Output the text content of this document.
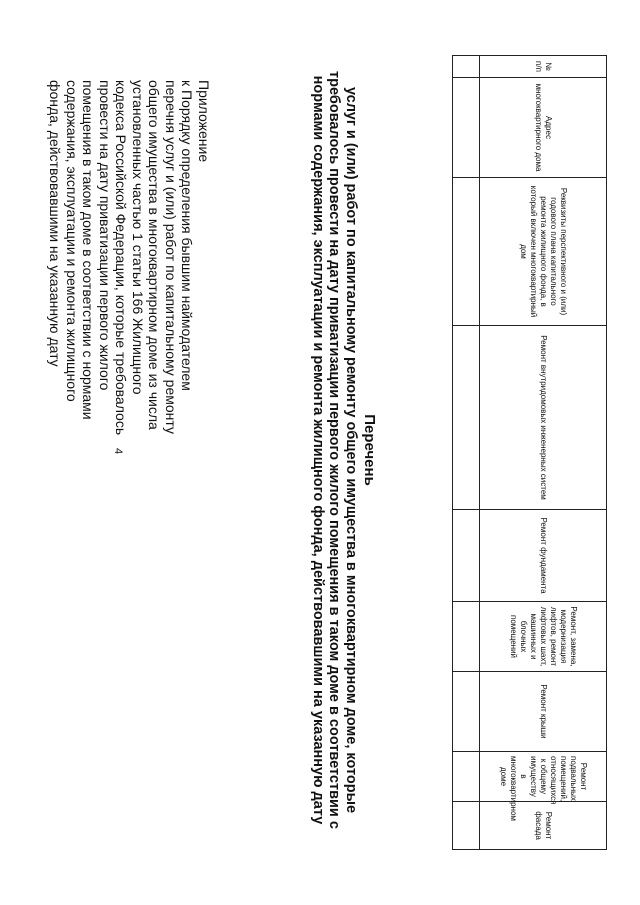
4
Приложение
к Порядку определения бывшим наймодателем
перечня услуг и (или) работ по капитальному ремонту
общего имущества в многоквартирном доме из числа
установленных частью 1 статьи 166 Жилищного
кодекса Российской Федерации, которые требовалось
провести на дату приватизации первого жилого
помещения в таком доме в соответствии с нормами
содержания, эксплуатации и ремонта жилищного
фонда, действовавшими на указанную дату
Перечень
услуг и (или) работ по капитальному ремонту общего имущества в многоквартирном доме, которые
требовалось провести на дату приватизации первого жилого помещения в таком доме в соответствии с
нормами содержания, эксплуатации и ремонта жилищного фонда, действовавшими на указанную дату
№ п/п	Адрес многоквартирного дома	Реквизиты перспективного и (или) годового плана капитального ремонта жилищного фонда, в который включен многоквартирный дом	Ремонт внутридомовых инженерных систем	Ремонт фундамента	Ремонт, замена, модернизация лифтов, ремонт лифтовых шахт, машинных и блочных помещений	Ремонт крыши	Ремонт подвальных помещений, относящихся к общему имуществу в многоквартирном доме	Ремонт фасада
